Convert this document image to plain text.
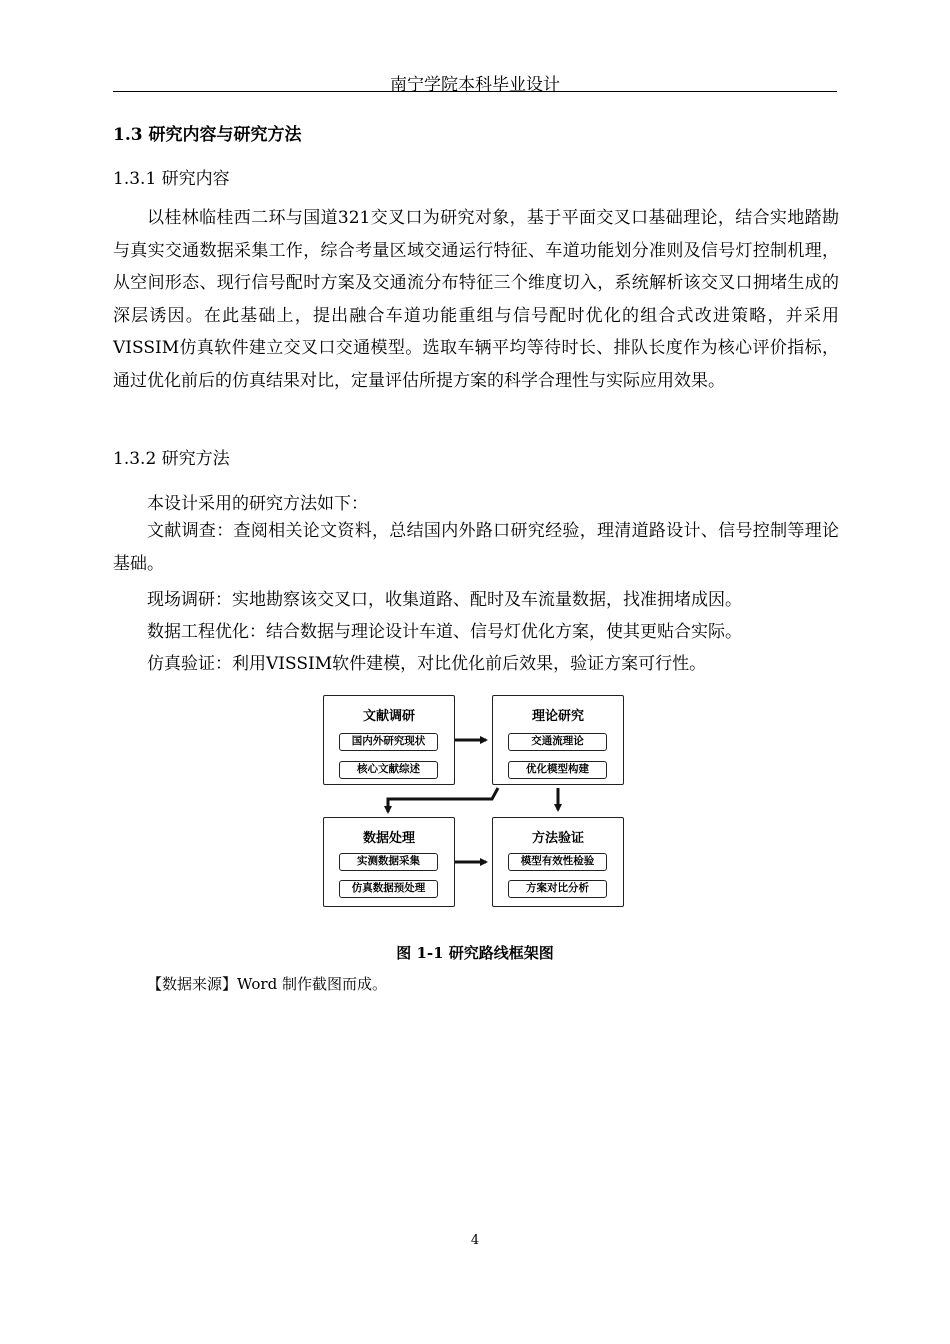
南宁学院本科毕业设计
1.3 研究内容与研究方法
1.3.1 研究内容

以桂林临桂西二环与国道321交叉口为研究对象，基于平面交叉口基础理论，结合实地踏勘与真实交通数据采集工作，综合考量区域交通运行特征、车道功能划分准则及信号灯控制机理，从空间形态、现行信号配时方案及交通流分布特征三个维度切入，系统解析该交叉口拥堵生成的深层诱因。在此基础上，提出融合车道功能重组与信号配时优化的组合式改进策略，并采用VISSIM仿真软件建立交叉口交通模型。选取车辆平均等待时长、排队长度作为核心评价指标，通过优化前后的仿真结果对比，定量评估所提方案的科学合理性与实际应用效果。

1.3.2 研究方法
本设计采用的研究方法如下：

文献调查：查阅相关论文资料，总结国内外路口研究经验，理清道路设计、信号控制等理论基础。

现场调研：实地勘察该交叉口，收集道路、配时及车流量数据，找准拥堵成因。
数据工程优化：结合数据与理论设计车道、信号灯优化方案，使其更贴合实际。
仿真验证：利用VISSIM软件建模，对比优化前后效果，验证方案可行性。
文献调研
国内外研究现状
核心文献综述
理论研究
交通流理论
优化模型构建
数据处理
实测数据采集
仿真数据预处理
方法验证
模型有效性检验
方案对比分析
图 1-1 研究路线框架图
【数据来源】Word 制作截图而成。
4
